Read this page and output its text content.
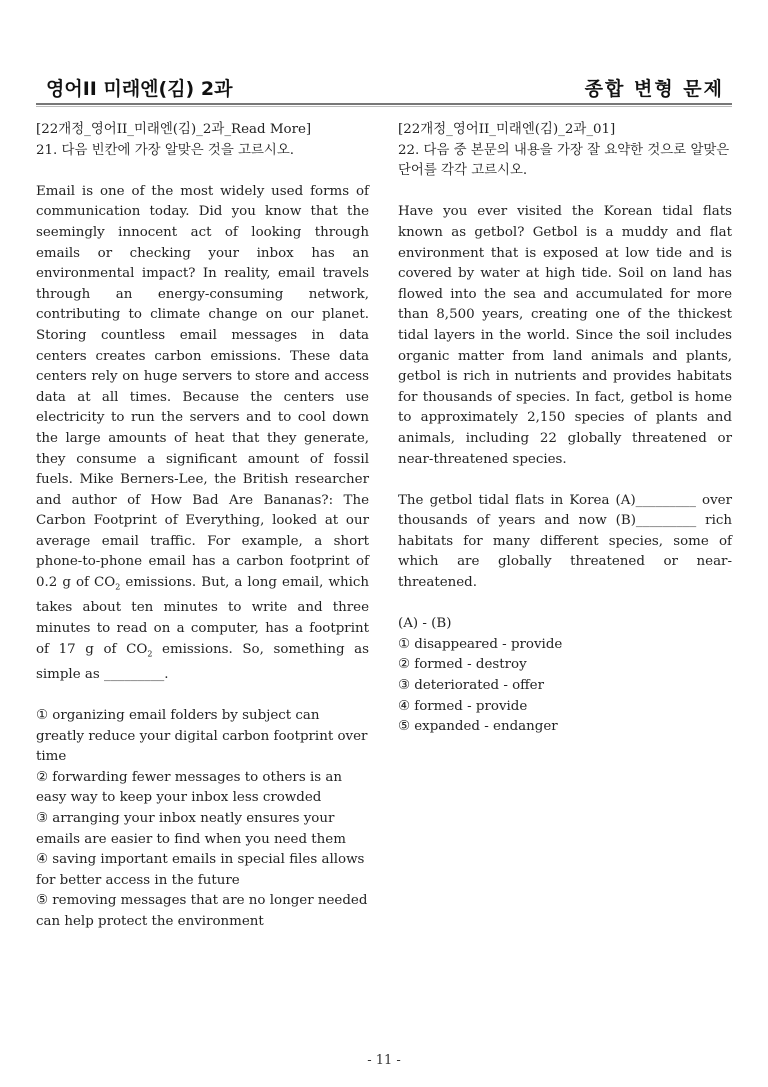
영어II 미래엔(김) 2과	종합 변형 문제

[22개정_영어II_미래엔(김)_2과_Read More]

21. 다음 빈칸에 가장 알맞은 것을 고르시오.

Email is one of the most widely used forms of communication today. Did you know that the seemingly innocent act of looking through emails or checking your inbox has an environmental impact? In reality, email travels through an energy-consuming network, contributing to climate change on our planet. Storing countless email messages in data centers creates carbon emissions. These data centers rely on huge servers to store and access data at all times. Because the centers use electricity to run the servers and to cool down the large amounts of heat that they generate, they consume a significant amount of fossil fuels. Mike Berners-Lee, the British researcher and author of How Bad Are Bananas?: The Carbon Footprint of Everything, looked at our average email traffic. For example, a short phone-to-phone email has a carbon footprint of 0.2 g of $CO_2$ emissions. But, a long email, which takes about ten minutes to write and three minutes to read on a computer, has a footprint of 17 g of $CO_2$ emissions. So, something as simple as _________.

① organizing email folders by subject can greatly reduce your digital carbon footprint over time

② forwarding fewer messages to others is an easy way to keep your inbox less crowded

③ arranging your inbox neatly ensures your emails are easier to find when you need them

④ saving important emails in special files allows for better access in the future

⑤ removing messages that are no longer needed can help protect the environment

[22개정_영어II_미래엔(김)_2과_01]

22. 다음 중 본문의 내용을 가장 잘 요약한 것으로 알맞은 단어를 각각 고르시오.

Have you ever visited the Korean tidal flats known as getbol? Getbol is a muddy and flat environment that is exposed at low tide and is covered by water at high tide. Soil on land has flowed into the sea and accumulated for more than 8,500 years, creating one of the thickest tidal layers in the world. Since the soil includes organic matter from land animals and plants, getbol is rich in nutrients and provides habitats for thousands of species. In fact, getbol is home to approximately 2,150 species of plants and animals, including 22 globally threatened or near-threatened species.

The getbol tidal flats in Korea (A)_________ over thousands of years and now (B)_________ rich habitats for many different species, some of which are globally threatened or near-threatened.

(A) - (B)

① disappeared - provide

② formed - destroy

③ deteriorated - offer

④ formed - provide

⑤ expanded - endanger

- 11 -
